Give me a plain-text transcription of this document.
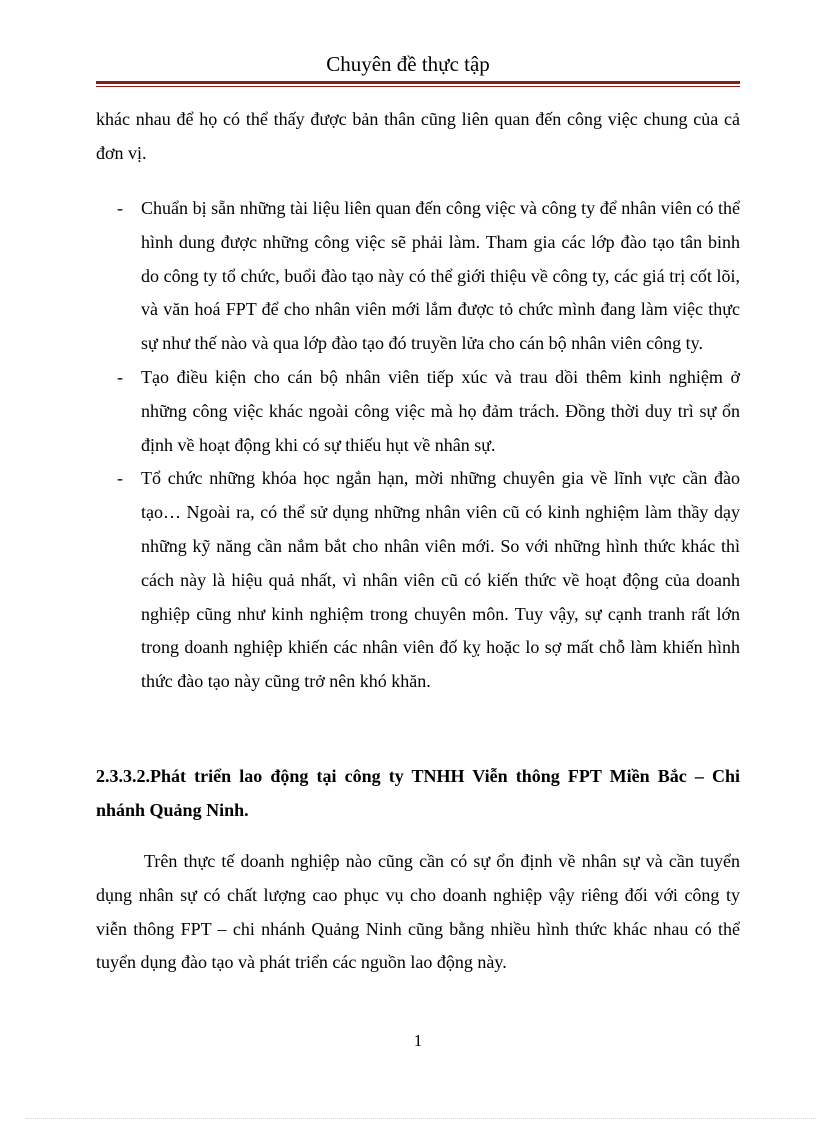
Chuyên đề thực tập

khác nhau để họ có thể thấy được bản thân cũng liên quan đến công việc chung của cả đơn vị.

- Chuẩn bị sẵn những tài liệu liên quan đến công việc và công ty để nhân viên có thể hình dung được những công việc sẽ phải làm. Tham gia các lớp đào tạo tân binh do công ty tổ chức, buổi đào tạo này có thể giới thiệu về công ty, các giá trị cốt lõi, và văn hoá FPT để cho nhân viên mới lắm được tỏ chức mình đang làm việc thực sự như thế nào và qua lớp đào tạo đó truyền lửa cho cán bộ nhân viên công ty.
- Tạo điều kiện cho cán bộ nhân viên tiếp xúc và trau dồi thêm kinh nghiệm ở những công việc khác ngoài công việc mà họ đảm trách. Đồng thời duy trì sự ổn định về hoạt động khi có sự thiếu hụt về nhân sự.
- Tổ chức những khóa học ngắn hạn, mời những chuyên gia về lĩnh vực cần đào tạo… Ngoài ra, có thể sử dụng những nhân viên cũ có kinh nghiệm làm thầy dạy những kỹ năng cần nắm bắt cho nhân viên mới. So với những hình thức khác thì cách này là hiệu quả nhất, vì nhân viên cũ có kiến thức về hoạt động của doanh nghiệp cũng như kinh nghiệm trong chuyên môn. Tuy vậy, sự cạnh tranh rất lớn trong doanh nghiệp khiến các nhân viên đố kỵ hoặc lo sợ mất chỗ làm khiến hình thức đào tạo này cũng trở nên khó khăn.

2.3.3.2.Phát triển lao động tại công ty TNHH Viễn thông FPT Miền Bắc – Chi nhánh Quảng Ninh.

Trên thực tế doanh nghiệp nào cũng cần có sự ổn định về nhân sự và cần tuyển dụng nhân sự có chất lượng cao phục vụ cho doanh nghiệp vậy riêng đối với công ty viễn thông FPT – chi nhánh Quảng Ninh cũng bằng nhiều hình thức khác nhau có thể tuyển dụng đào tạo và phát triển các nguồn lao động này.

1
